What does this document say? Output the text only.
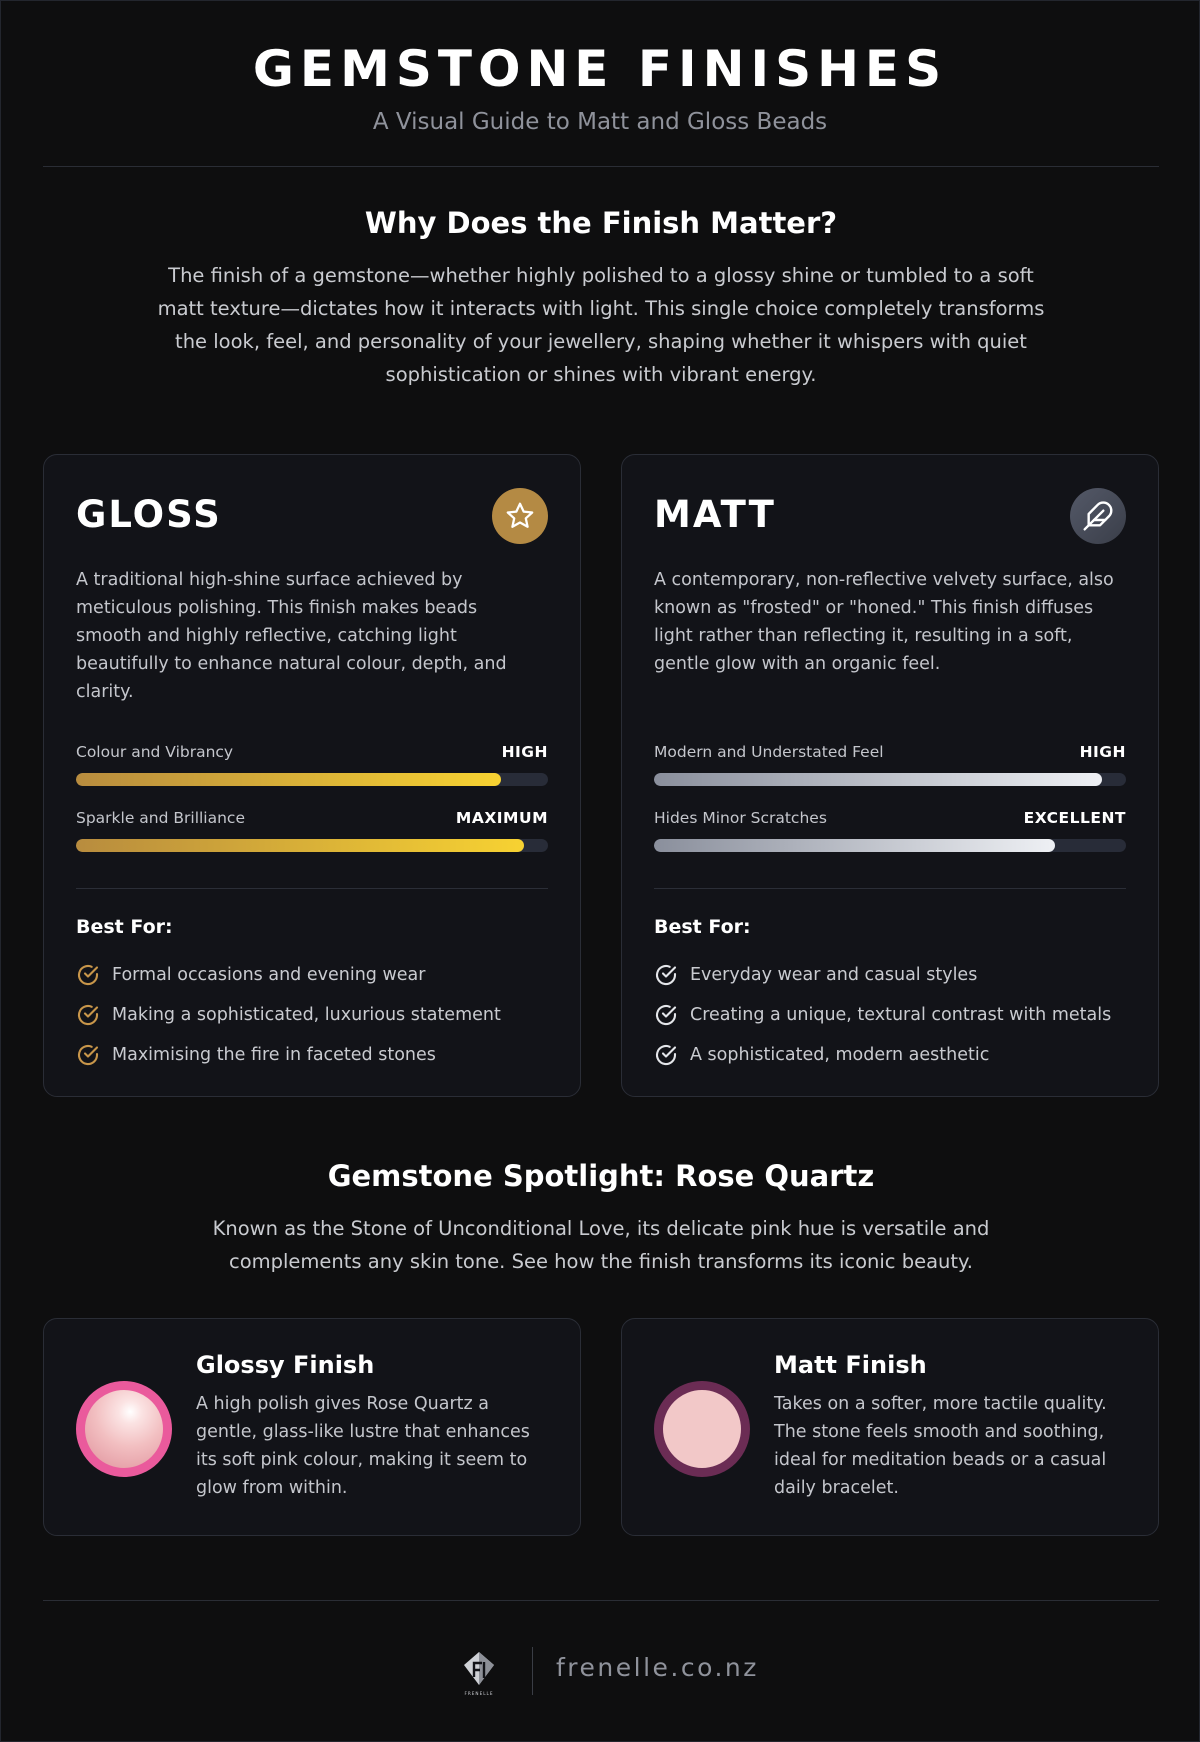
GEMSTONE FINISHES
A Visual Guide to Matt and Gloss Beads
Why Does the Finish Matter?

The finish of a gemstone—whether highly polished to a glossy shine or tumbled to a soft matt texture—dictates how it interacts with light. This single choice completely transforms the look, feel, and personality of your jewellery, shaping whether it whispers with quiet sophistication or shines with vibrant energy.

GLOSS

A traditional high-shine surface achieved by meticulous polishing. This finish makes beads smooth and highly reflective, catching light beautifully to enhance natural colour, depth, and clarity.

Colour and Vibrancy	HIGH
Sparkle and Brilliance	MAXIMUM
Best For:
Formal occasions and evening wear
Making a sophisticated, luxurious statement
Maximising the fire in faceted stones
MATT

A contemporary, non-reflective velvety surface, also known as "frosted" or "honed." This finish diffuses light rather than reflecting it, resulting in a soft, gentle glow with an organic feel.

Modern and Understated Feel	HIGH
Hides Minor Scratches	EXCELLENT
Best For:
Everyday wear and casual styles
Creating a unique, textural contrast with metals
A sophisticated, modern aesthetic
Gemstone Spotlight: Rose Quartz

Known as the Stone of Unconditional Love, its delicate pink hue is versatile and complements any skin tone. See how the finish transforms its iconic beauty.

Glossy Finish

A high polish gives Rose Quartz a gentle, glass-like lustre that enhances its soft pink colour, making it seem to glow from within.

Matt Finish

Takes on a softer, more tactile quality. The stone feels smooth and soothing, ideal for meditation beads or a casual daily bracelet.

FRENELLE
frenelle.co.nz
